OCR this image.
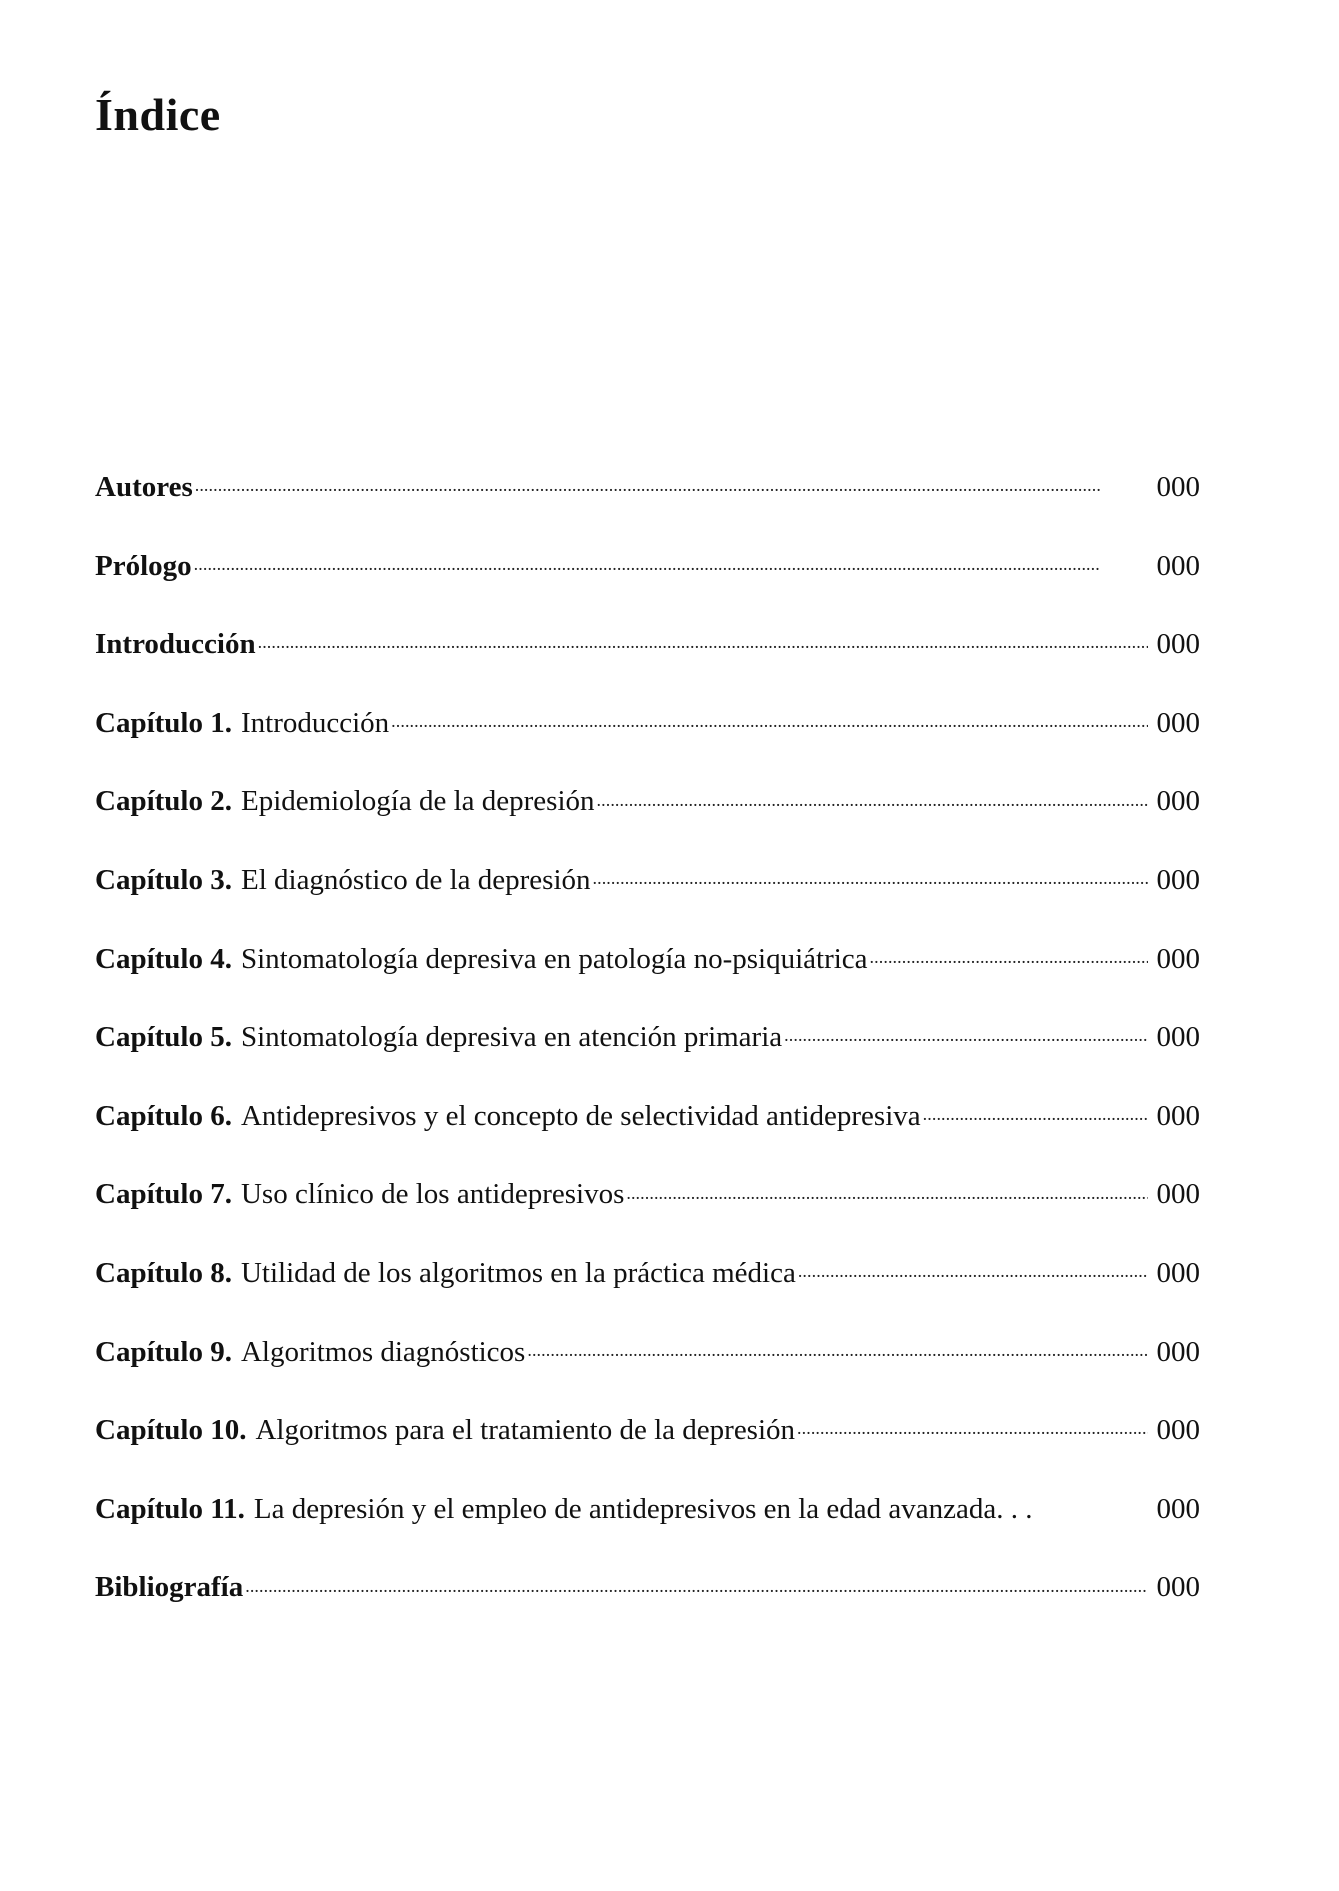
Índice
Autores . . .	000
Prólogo . . .	000
Introducción . . .	000
Capítulo 1. Introducción . . .	000
Capítulo 2. Epidemiología de la depresión . . .	000
Capítulo 3. El diagnóstico de la depresión . . .	000
Capítulo 4. Sintomatología depresiva en patología no-psiquiátrica . . .	000
Capítulo 5. Sintomatología depresiva en atención primaria . . .	000
Capítulo 6. Antidepresivos y el concepto de selectividad antidepresiva . . .	000
Capítulo 7. Uso clínico de los antidepresivos . . .	000
Capítulo 8. Utilidad de los algoritmos en la práctica médica . . .	000
Capítulo 9. Algoritmos diagnósticos . . .	000
Capítulo 10. Algoritmos para el tratamiento de la depresión . . .	000
Capítulo 11. La depresión y el empleo de antidepresivos en la edad avanzada. . .	000
Bibliografía . . .	000
